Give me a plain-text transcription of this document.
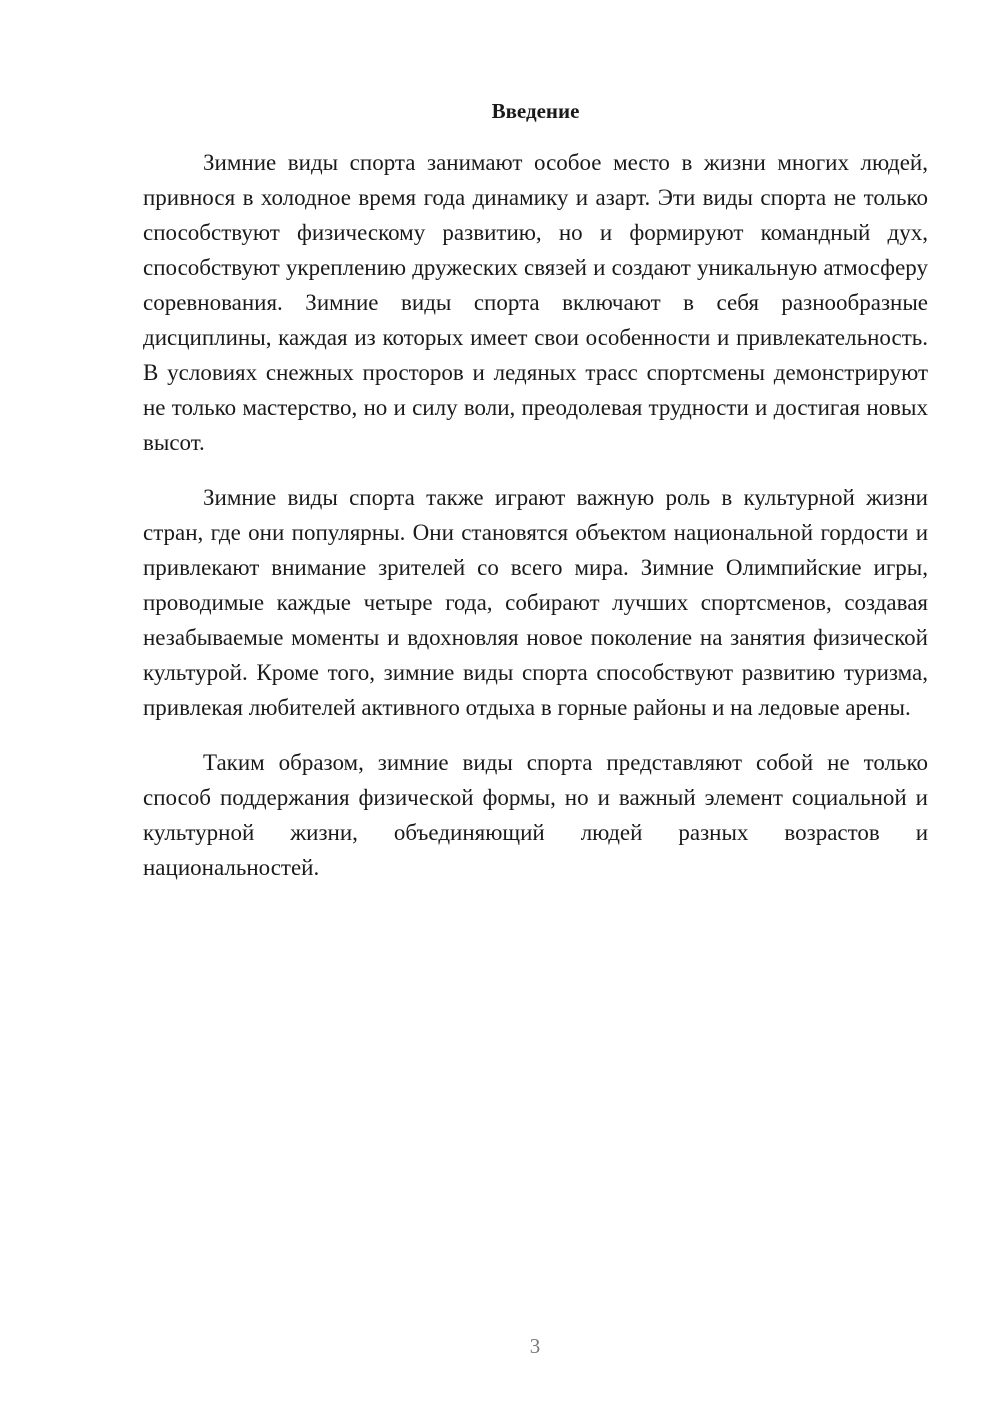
Введение

Зимние виды спорта занимают особое место в жизни многих людей, привнося в холодное время года динамику и азарт. Эти виды спорта не только способствуют физическому развитию, но и формируют командный дух, способствуют укреплению дружеских связей и создают уникальную атмосферу соревнования. Зимние виды спорта включают в себя разнообразные дисциплины, каждая из которых имеет свои особенности и привлекательность. В условиях снежных просторов и ледяных трасс спортсмены демонстрируют не только мастерство, но и силу воли, преодолевая трудности и достигая новых высот.

Зимние виды спорта также играют важную роль в культурной жизни стран, где они популярны. Они становятся объектом национальной гордости и привлекают внимание зрителей со всего мира. Зимние Олимпийские игры, проводимые каждые четыре года, собирают лучших спортсменов, создавая незабываемые моменты и вдохновляя новое поколение на занятия физической культурой. Кроме того, зимние виды спорта способствуют развитию туризма, привлекая любителей активного отдыха в горные районы и на ледовые арены.

Таким образом, зимние виды спорта представляют собой не только способ поддержания физической формы, но и важный элемент социальной и культурной жизни, объединяющий людей разных возрастов и национальностей.

3
